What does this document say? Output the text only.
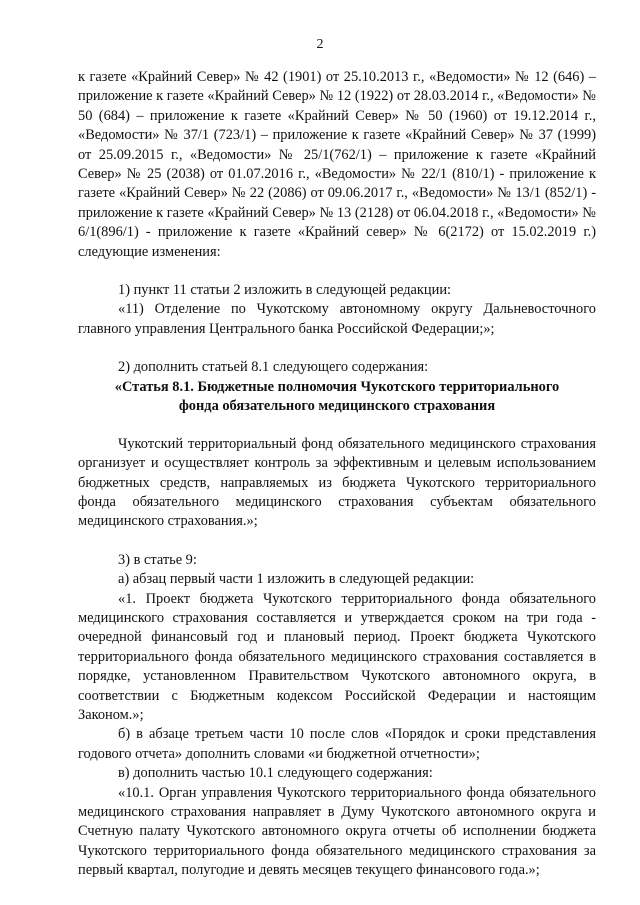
2

к газете «Крайний Север» № 42 (1901) от 25.10.2013 г., «Ведомости» № 12 (646) – приложение к газете «Крайний Север» № 12 (1922) от 28.03.2014 г., «Ведомости» № 50 (684) – приложение к газете «Крайний Север» № 50 (1960) от 19.12.2014 г., «Ведомости» № 37/1 (723/1) – приложение к газете «Крайний Север» № 37 (1999) от 25.09.2015 г., «Ведомости» № 25/1(762/1) – приложение к газете «Крайний Север» № 25 (2038) от 01.07.2016 г., «Ведомости» № 22/1 (810/1) - приложение к газете «Крайний Север» № 22 (2086) от 09.06.2017 г., «Ведомости» № 13/1 (852/1) - приложение к газете «Крайний Север» № 13 (2128) от 06.04.2018 г., «Ведомости» № 6/1(896/1) - приложение к газете «Крайний север» № 6(2172) от 15.02.2019 г.) следующие изменения:

1) пункт 11 статьи 2 изложить в следующей редакции:

«11) Отделение по Чукотскому автономному округу Дальневосточного главного управления Центрального банка Российской Федерации;»;

2) дополнить статьей 8.1 следующего содержания:

«Статья 8.1. Бюджетные полномочия Чукотского территориального
фонда обязательного медицинского страхования

Чукотский территориальный фонд обязательного медицинского страхования организует и осуществляет контроль за эффективным и целевым использованием бюджетных средств, направляемых из бюджета Чукотского территориального фонда обязательного медицинского страхования субъектам обязательного медицинского страхования.»;

3) в статье 9:

а) абзац первый части 1 изложить в следующей редакции:

«1. Проект бюджета Чукотского территориального фонда обязательного медицинского страхования составляется и утверждается сроком на три года - очередной финансовый год и плановый период. Проект бюджета Чукотского территориального фонда обязательного медицинского страхования составляется в порядке, установленном Правительством Чукотского автономного округа, в соответствии с Бюджетным кодексом Российской Федерации и настоящим Законом.»;

б) в абзаце третьем части 10 после слов «Порядок и сроки представления годового отчета» дополнить словами «и бюджетной отчетности»;

в) дополнить частью 10.1 следующего содержания:

«10.1. Орган управления Чукотского территориального фонда обязательного медицинского страхования направляет в Думу Чукотского автономного округа и Счетную палату Чукотского автономного округа отчеты об исполнении бюджета Чукотского территориального фонда обязательного медицинского страхования за первый квартал, полугодие и девять месяцев текущего финансового года.»;
